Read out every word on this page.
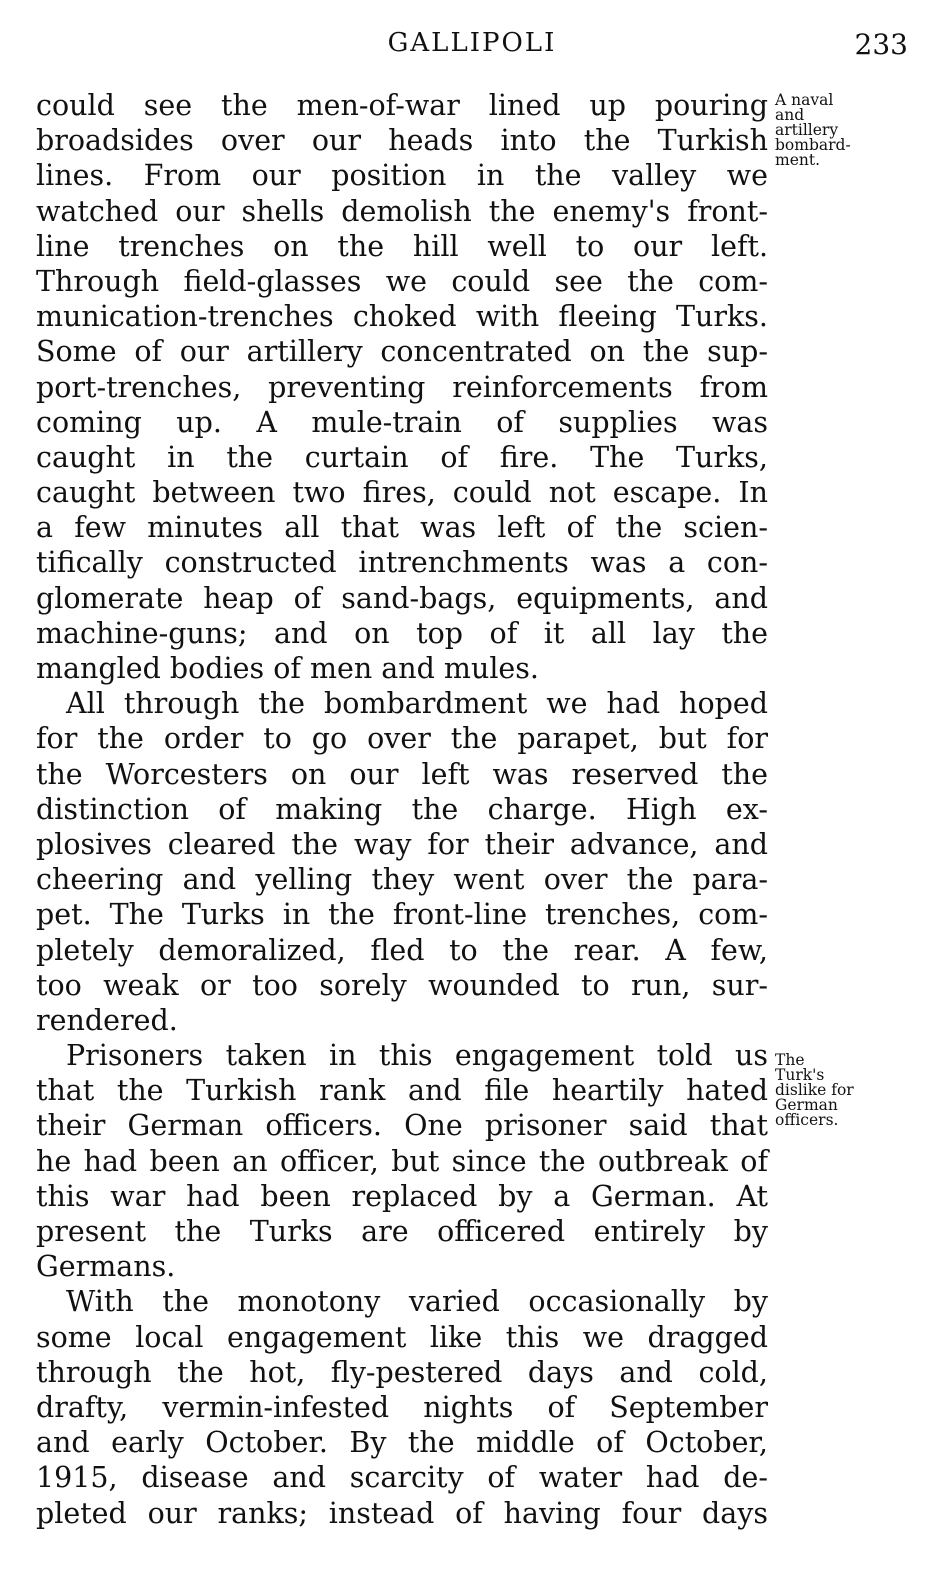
GALLIPOLI	233
could see the men-of-war lined up pouring
broadsides over our heads into the Turkish
lines. From our position in the valley we
watched our shells demolish the enemy's front-
line trenches on the hill well to our left.
Through field-glasses we could see the com-
munication-trenches choked with fleeing Turks.
Some of our artillery concentrated on the sup-
port-trenches, preventing reinforcements from
coming up. A mule-train of supplies was
caught in the curtain of fire. The Turks,
caught between two fires, could not escape. In
a few minutes all that was left of the scien-
tifically constructed intrenchments was a con-
glomerate heap of sand-bags, equipments, and
machine-guns; and on top of it all lay the
mangled bodies of men and mules.
All through the bombardment we had hoped
for the order to go over the parapet, but for
the Worcesters on our left was reserved the
distinction of making the charge. High ex-
plosives cleared the way for their advance, and
cheering and yelling they went over the para-
pet. The Turks in the front-line trenches, com-
pletely demoralized, fled to the rear. A few,
too weak or too sorely wounded to run, sur-
rendered.
Prisoners taken in this engagement told us
that the Turkish rank and file heartily hated
their German officers. One prisoner said that
he had been an officer, but since the outbreak of
this war had been replaced by a German. At
present the Turks are officered entirely by
Germans.
With the monotony varied occasionally by
some local engagement like this we dragged
through the hot, fly-pestered days and cold,
drafty, vermin-infested nights of September
and early October. By the middle of October,
1915, disease and scarcity of water had de-
pleted our ranks; instead of having four days
A naval
and
artillery
bombard-
ment.
The
Turk's
dislike for
German
officers.
